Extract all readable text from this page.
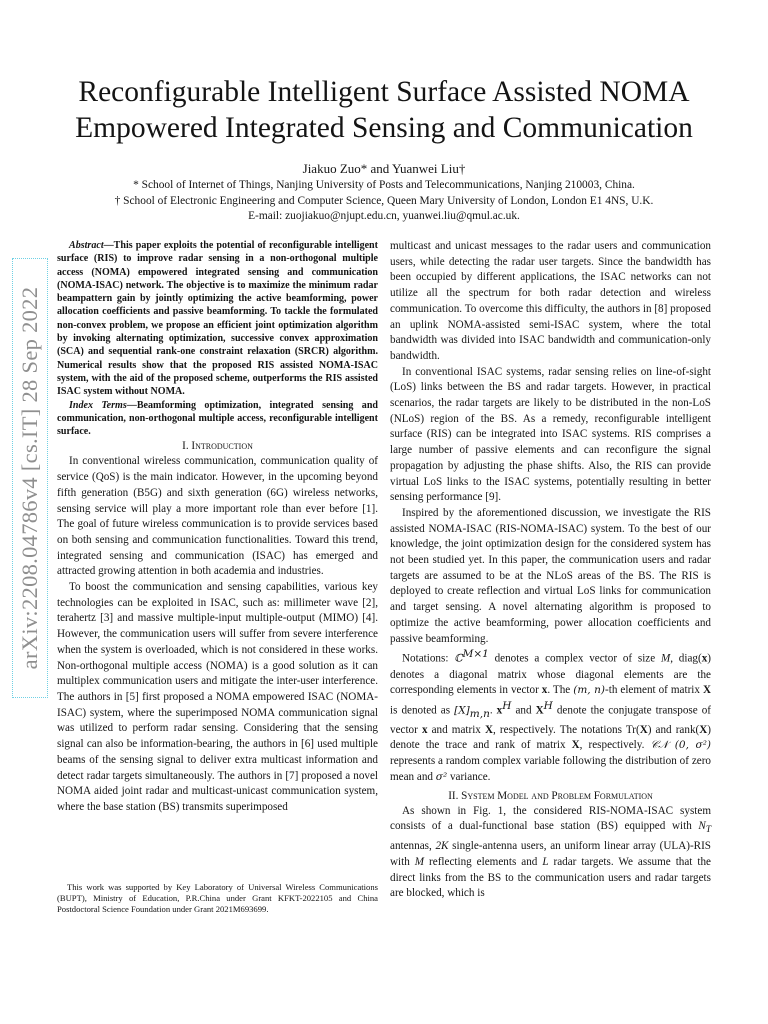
Reconfigurable Intelligent Surface Assisted NOMA
Empowered Integrated Sensing and Communication
Jiakuo Zuo* and Yuanwei Liu†
* School of Internet of Things, Nanjing University of Posts and Telecommunications, Nanjing 210003, China.
† School of Electronic Engineering and Computer Science, Queen Mary University of London, London E1 4NS, U.K.
E-mail: zuojiakuo@njupt.edu.cn, yuanwei.liu@qmul.ac.uk.
arXiv:2208.04786v4 [cs.IT] 28 Sep 2022

Abstract—This paper exploits the potential of reconfigurable intelligent surface (RIS) to improve radar sensing in a non-orthogonal multiple access (NOMA) empowered integrated sensing and communication (NOMA-ISAC) network. The objective is to maximize the minimum radar beampattern gain by jointly optimizing the active beamforming, power allocation coefficients and passive beamforming. To tackle the formulated non-convex problem, we propose an efficient joint optimization algorithm by invoking alternating optimization, successive convex approximation (SCA) and sequential rank-one constraint relaxation (SRCR) algorithm. Numerical results show that the proposed RIS assisted NOMA-ISAC system, with the aid of the proposed scheme, outperforms the RIS assisted ISAC system without NOMA.

Index Terms—Beamforming optimization, integrated sensing and communication, non-orthogonal multiple access, reconfigurable intelligent surface.

I. Introduction

In conventional wireless communication, communication quality of service (QoS) is the main indicator. However, in the upcoming beyond fifth generation (B5G) and sixth generation (6G) wireless networks, sensing service will play a more important role than ever before [1]. The goal of future wireless communication is to provide services based on both sensing and communication functionalities. Toward this trend, integrated sensing and communication (ISAC) has emerged and attracted growing attention in both academia and industries.

To boost the communication and sensing capabilities, various key technologies can be exploited in ISAC, such as: millimeter wave [2], terahertz [3] and massive multiple-input multiple-output (MIMO) [4]. However, the communication users will suffer from severe interference when the system is overloaded, which is not considered in these works. Non-orthogonal multiple access (NOMA) is a good solution as it can multiplex communication users and mitigate the inter-user interference. The authors in [5] first proposed a NOMA empowered ISAC (NOMA-ISAC) system, where the superimposed NOMA communication signal was utilized to perform radar sensing. Considering that the sensing signal can also be information-bearing, the authors in [6] used multiple beams of the sensing signal to deliver extra multicast information and detect radar targets simultaneously. The authors in [7] proposed a novel NOMA aided joint radar and multicast-unicast communication system, where the base station (BS) transmits superimposed

multicast and unicast messages to the radar users and communication users, while detecting the radar user targets. Since the bandwidth has been occupied by different applications, the ISAC networks can not utilize all the spectrum for both radar detection and wireless communication. To overcome this difficulty, the authors in [8] proposed an uplink NOMA-assisted semi-ISAC system, where the total bandwidth was divided into ISAC bandwidth and communication-only bandwidth.

In conventional ISAC systems, radar sensing relies on line-of-sight (LoS) links between the BS and radar targets. However, in practical scenarios, the radar targets are likely to be distributed in the non-LoS (NLoS) region of the BS. As a remedy, reconfigurable intelligent surface (RIS) can be integrated into ISAC systems. RIS comprises a large number of passive elements and can reconfigure the signal propagation by adjusting the phase shifts. Also, the RIS can provide virtual LoS links to the ISAC systems, potentially resulting in better sensing performance [9].

Inspired by the aforementioned discussion, we investigate the RIS assisted NOMA-ISAC (RIS-NOMA-ISAC) system. To the best of our knowledge, the joint optimization design for the considered system has not been studied yet. In this paper, the communication users and radar targets are assumed to be at the NLoS areas of the BS. The RIS is deployed to create reflection and virtual LoS links for communication and target sensing. A novel alternating algorithm is proposed to optimize the active beamforming, power allocation coefficients and passive beamforming.

Notations: ℂ$^{M\times 1}$ denotes a complex vector of size M, diag(x) denotes a diagonal matrix whose diagonal elements are the corresponding elements in vector x. The (m, n)-th element of matrix X is denoted as $[X]_{m,n}$. $x^H$ and $X^H$ denote the conjugate transpose of vector x and matrix X, respectively. The notations Tr(X) and rank(X) denote the trace and rank of matrix X, respectively. 𝒞𝒩 (0, σ²) represents a random complex variable following the distribution of zero mean and σ² variance.

II. System Model and Problem Formulation

As shown in Fig. 1, the considered RIS-NOMA-ISAC system consists of a dual-functional base station (BS) equipped with $N_T$ antennas, 2K single-antenna users, an uniform linear array (ULA)-RIS with M reflecting elements and L radar targets. We assume that the direct links from the BS to the communication users and radar targets are blocked, which is

This work was supported by Key Laboratory of Universal Wireless Communications (BUPT), Ministry of Education, P.R.China under Grant KFKT-2022105 and China Postdoctoral Science Foundation under Grant 2021M693699.
